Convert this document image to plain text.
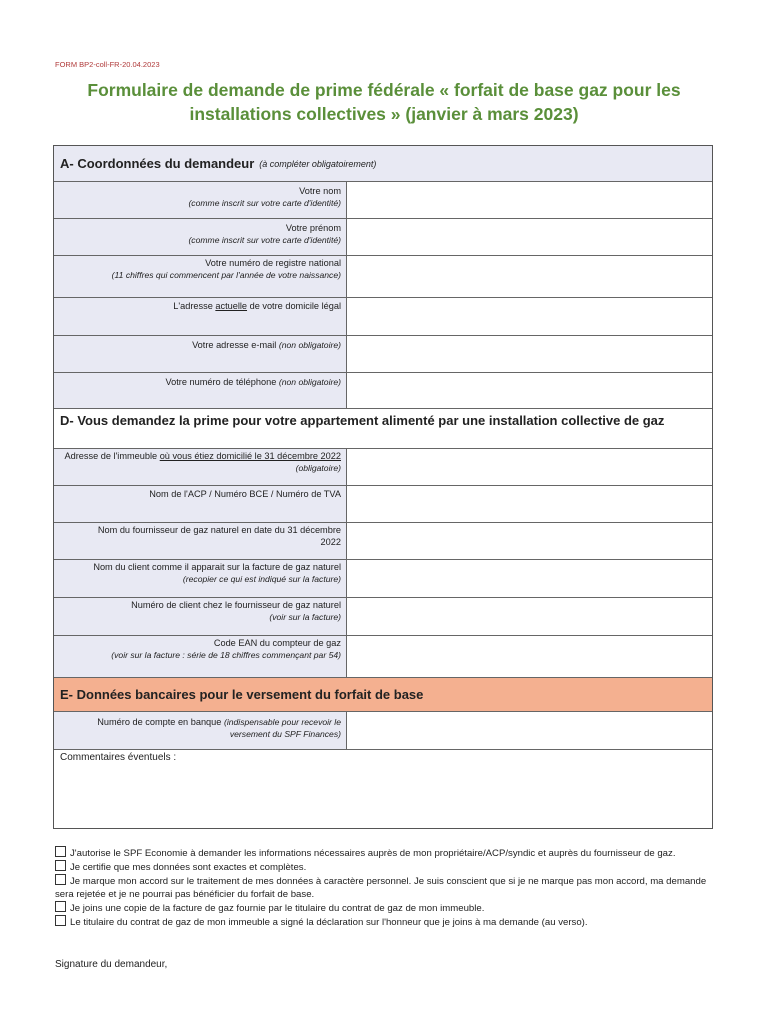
FORM BP2-coll-FR-20.04.2023
Formulaire de demande de prime fédérale « forfait de base gaz pour les
installations collectives » (janvier à mars 2023)
A- Coordonnées du demandeur (à compléter obligatoirement)
Votre nom
(comme inscrit sur votre carte d'identité)
Votre prénom
(comme inscrit sur votre carte d'identité)
Votre numéro de registre national
(11 chiffres qui commencent par l'année de votre naissance)
L'adresse actuelle de votre domicile légal
Votre adresse e-mail (non obligatoire)
Votre numéro de téléphone (non obligatoire)
D- Vous demandez la prime pour votre appartement alimenté par une installation collective de gaz
Adresse de l'immeuble où vous étiez domicilié le 31 décembre 2022 (obligatoire)
Nom de l'ACP / Numéro BCE / Numéro de TVA
Nom du fournisseur de gaz naturel en date du 31 décembre 2022
Nom du client comme il apparait sur la facture de gaz naturel (recopier ce qui est indiqué sur la facture)
Numéro de client chez le fournisseur de gaz naturel
(voir sur la facture)
Code EAN du compteur de gaz
(voir sur la facture : série de 18 chiffres commençant par 54)
E- Données bancaires pour le versement du forfait de base
Numéro de compte en banque (indispensable pour recevoir le versement du SPF Finances)
Commentaires éventuels :
J'autorise le SPF Economie à demander les informations nécessaires auprès de mon propriétaire/ACP/syndic et auprès du fournisseur de gaz.
Je certifie que mes données sont exactes et complètes.
Je marque mon accord sur le traitement de mes données à caractère personnel. Je suis conscient que si je ne marque pas mon accord, ma demande sera rejetée et je ne pourrai pas bénéficier du forfait de base.
Je joins une copie de la facture de gaz fournie par le titulaire du contrat de gaz de mon immeuble.
Le titulaire du contrat de gaz de mon immeuble a signé la déclaration sur l'honneur que je joins à ma demande (au verso).
Signature du demandeur,
